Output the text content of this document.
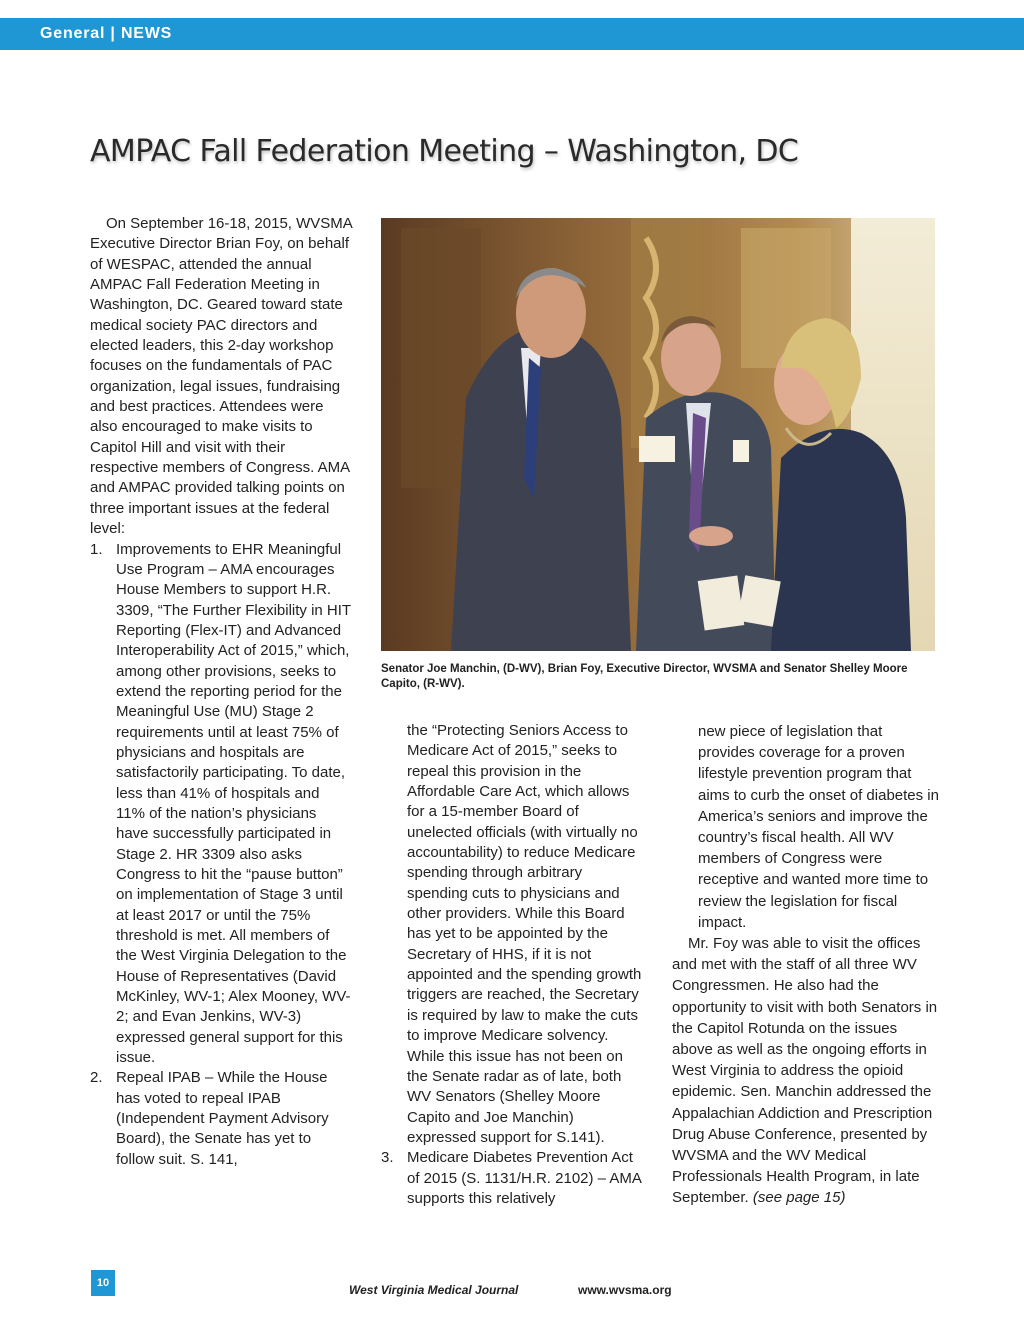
General | NEWS
AMPAC Fall Federation Meeting – Washington, DC

On September 16-18, 2015, WVSMA Executive Director Brian Foy, on behalf of WESPAC, attended the annual AMPAC Fall Federation Meeting in Washington, DC. Geared toward state medical society PAC directors and elected leaders, this 2-day workshop focuses on the fundamentals of PAC organization, legal issues, fundraising and best practices. Attendees were also encouraged to make visits to Capitol Hill and visit with their respective members of Congress. AMA and AMPAC provided talking points on three important issues at the federal level:

1. Improvements to EHR Meaningful Use Program – AMA encourages House Members to support H.R. 3309, “The Further Flexibility in HIT Reporting (Flex-IT) and Advanced Interoperability Act of 2015,” which, among other provisions, seeks to extend the reporting period for the Meaningful Use (MU) Stage 2 requirements until at least 75% of physicians and hospitals are satisfactorily participating. To date, less than 41% of hospitals and 11% of the nation’s physicians have successfully participated in Stage 2. HR 3309 also asks Congress to hit the “pause button” on implementation of Stage 3 until at least 2017 or until the 75% threshold is met. All members of the West Virginia Delegation to the House of Representatives (David McKinley, WV-1; Alex Mooney, WV-2; and Evan Jenkins, WV-3) expressed general support for this issue.
2. Repeal IPAB – While the House has voted to repeal IPAB (Independent Payment Advisory Board), the Senate has yet to follow suit. S. 141,
Senator Joe Manchin, (D-WV), Brian Foy, Executive Director, WVSMA and Senator Shelley Moore Capito, (R-WV).

the “Protecting Seniors Access to Medicare Act of 2015,” seeks to repeal this provision in the Affordable Care Act, which allows for a 15-member Board of unelected officials (with virtually no accountability) to reduce Medicare spending through arbitrary spending cuts to physicians and other providers. While this Board has yet to be appointed by the Secretary of HHS, if it is not appointed and the spending growth triggers are reached, the Secretary is required by law to make the cuts to improve Medicare solvency. While this issue has not been on the Senate radar as of late, both WV Senators (Shelley Moore Capito and Joe Manchin) expressed support for S.141).

3. Medicare Diabetes Prevention Act of 2015 (S. 1131/H.R. 2102) – AMA supports this relatively

new piece of legislation that provides coverage for a proven lifestyle prevention program that aims to curb the onset of diabetes in America’s seniors and improve the country’s fiscal health. All WV members of Congress were receptive and wanted more time to review the legislation for fiscal impact.

Mr. Foy was able to visit the offices and met with the staff of all three WV Congressmen. He also had the opportunity to visit with both Senators in the Capitol Rotunda on the issues above as well as the ongoing efforts in West Virginia to address the opioid epidemic. Sen. Manchin addressed the Appalachian Addiction and Prescription Drug Abuse Conference, presented by WVSMA and the WV Medical Professionals Health Program, in late September. (see page 15)

10	West Virginia Medical Journal	www.wvsma.org
